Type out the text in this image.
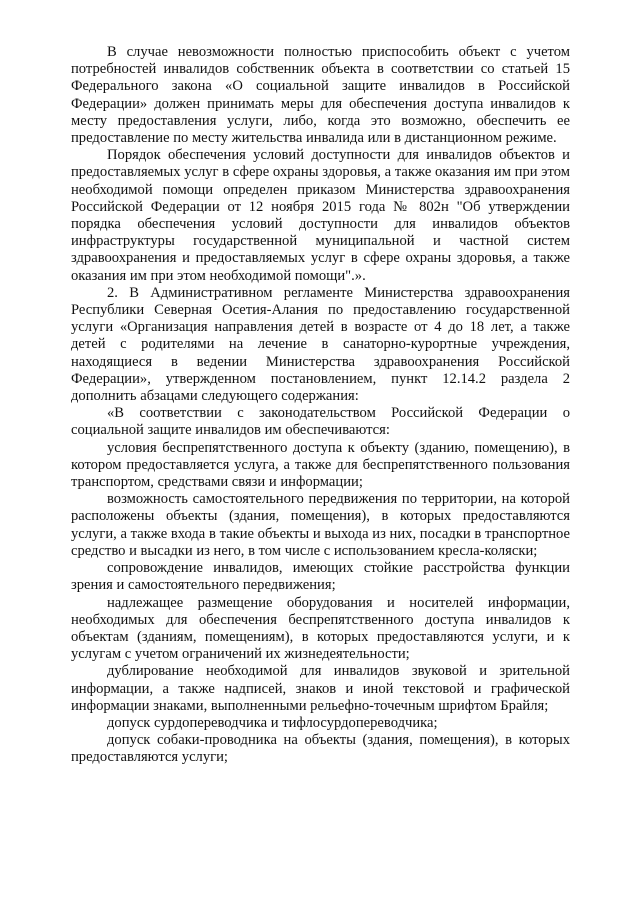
В случае невозможности полностью приспособить объект с учетом потребностей инвалидов собственник объекта в соответствии со статьей 15 Федерального закона «О социальной защите инвалидов в Российской Федерации» должен принимать меры для обеспечения доступа инвалидов к месту предоставления услуги, либо, когда это возможно, обеспечить ее предоставление по месту жительства инвалида или в дистанционном режиме.

Порядок обеспечения условий доступности для инвалидов объектов и предоставляемых услуг в сфере охраны здоровья, а также оказания им при этом необходимой помощи определен приказом Министерства здравоохранения Российской Федерации от 12 ноября 2015 года № 802н "Об утверждении порядка обеспечения условий доступности для инвалидов объектов инфраструктуры государственной муниципальной и частной систем здравоохранения и предоставляемых услуг в сфере охраны здоровья, а также оказания им при этом необходимой помощи".».

2. В Административном регламенте Министерства здравоохранения Республики Северная Осетия-Алания по предоставлению государственной услуги «Организация направления детей в возрасте от 4 до 18 лет, а также детей с родителями на лечение в санаторно-курортные учреждения, находящиеся в ведении Министерства здравоохранения Российской Федерации», утвержденном постановлением, пункт 12.14.2 раздела 2 дополнить абзацами следующего содержания:

«В соответствии с законодательством Российской Федерации о социальной защите инвалидов им обеспечиваются:

условия беспрепятственного доступа к объекту (зданию, помещению), в котором предоставляется услуга, а также для беспрепятственного пользования транспортом, средствами связи и информации;

возможность самостоятельного передвижения по территории, на которой расположены объекты (здания, помещения), в которых предоставляются услуги, а также входа в такие объекты и выхода из них, посадки в транспортное средство и высадки из него, в том числе с использованием кресла-коляски;

сопровождение инвалидов, имеющих стойкие расстройства функции зрения и самостоятельного передвижения;

надлежащее размещение оборудования и носителей информации, необходимых для обеспечения беспрепятственного доступа инвалидов к объектам (зданиям, помещениям), в которых предоставляются услуги, и к услугам с учетом ограничений их жизнедеятельности;

дублирование необходимой для инвалидов звуковой и зрительной информации, а также надписей, знаков и иной текстовой и графической информации знаками, выполненными рельефно-точечным шрифтом Брайля;

допуск сурдопереводчика и тифлосурдопереводчика;

допуск собаки-проводника на объекты (здания, помещения), в которых предоставляются услуги;
